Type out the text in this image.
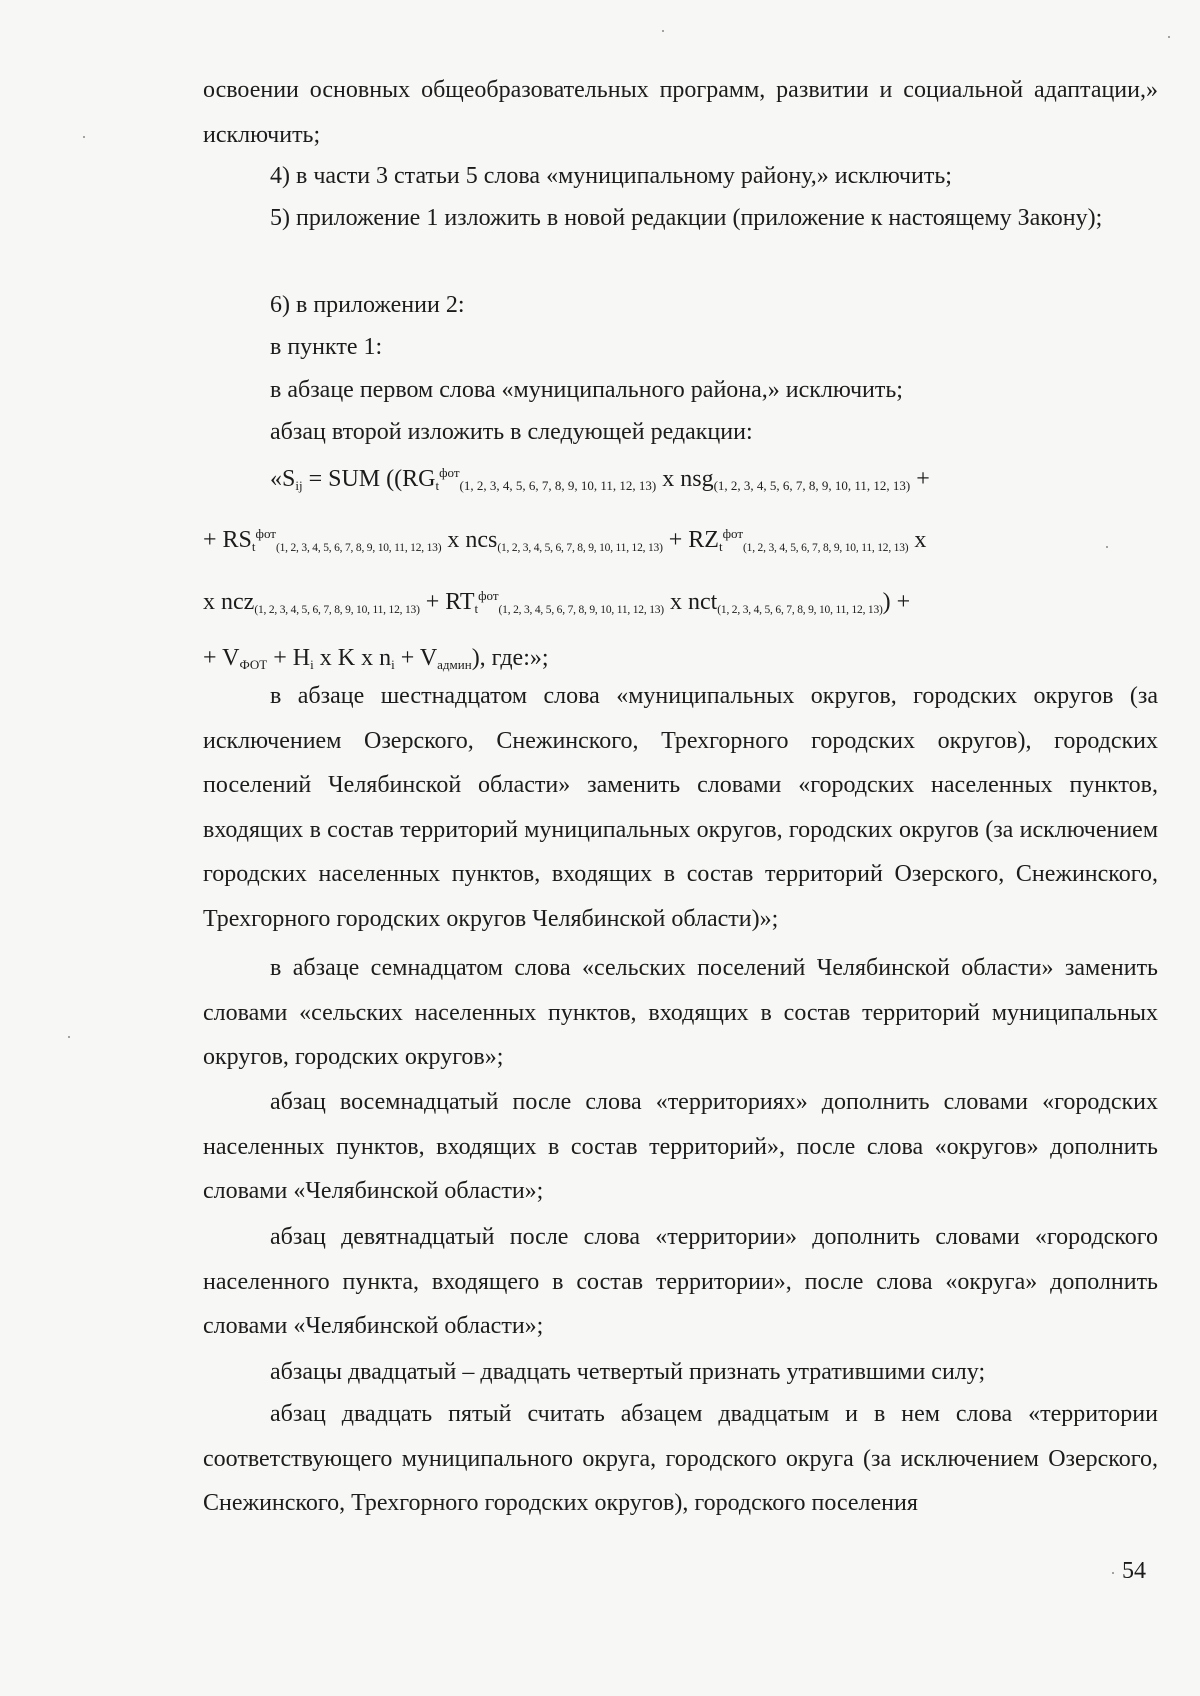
освоении основных общеобразовательных программ, развитии и социальной адаптации,» исключить;

4) в части 3 статьи 5 слова «муниципальному району,» исключить;

5) приложение 1 изложить в новой редакции (приложение к настоящему Закону);

6) в приложении 2:

в пункте 1:

в абзаце первом слова «муниципального района,» исключить;

абзац второй изложить в следующей редакции:

«$S_{ij}$ = SUM (($RG_t^{фот}_{(1, 2, 3, 4, 5, 6, 7, 8, 9, 10, 11, 12, 13)}$ x nsg$_{(1, 2, 3, 4, 5, 6, 7, 8, 9, 10, 11, 12, 13)}$ +
+ $RS_t^{фот}_{(1, 2, 3, 4, 5, 6, 7, 8, 9, 10, 11, 12, 13)}$ x $ncs_{(1, 2, 3, 4, 5, 6, 7, 8, 9, 10, 11, 12, 13)} + RZ_t^{фот}_{(1, 2, 3, 4, 5, 6, 7, 8, 9, 10, 11, 12, 13)}$ x
x $ncz_{(1, 2, 3, 4, 5, 6, 7, 8, 9, 10, 11, 12, 13)} + RT_t^{фот}_{(1, 2, 3, 4, 5, 6, 7, 8, 9, 10, 11, 12, 13)}$ x nct$_{(1, 2, 3, 4, 5, 6, 7, 8, 9, 10, 11, 12, 13)}$) +
+ $V_{ФОТ} + H_i$ x K x $n_i + V_{админ}$), где:»;

в абзаце шестнадцатом слова «муниципальных округов, городских округов (за исключением Озерского, Снежинского, Трехгорного городских округов), городских поселений Челябинской области» заменить словами «городских населенных пунктов, входящих в состав территорий муниципальных округов, городских округов (за исключением городских населенных пунктов, входящих в состав территорий Озерского, Снежинского, Трехгорного городских округов Челябинской области)»;

в абзаце семнадцатом слова «сельских поселений Челябинской области» заменить словами «сельских населенных пунктов, входящих в состав территорий муниципальных округов, городских округов»;

абзац восемнадцатый после слова «территориях» дополнить словами «городских населенных пунктов, входящих в состав территорий», после слова «округов» дополнить словами «Челябинской области»;

абзац девятнадцатый после слова «территории» дополнить словами «городского населенного пункта, входящего в состав территории», после слова «округа» дополнить словами «Челябинской области»;

абзацы двадцатый – двадцать четвертый признать утратившими силу;

абзац двадцать пятый считать абзацем двадцатым и в нем слова «территории соответствующего муниципального округа, городского округа (за исключением Озерского, Снежинского, Трехгорного городских округов), городского поселения

54
